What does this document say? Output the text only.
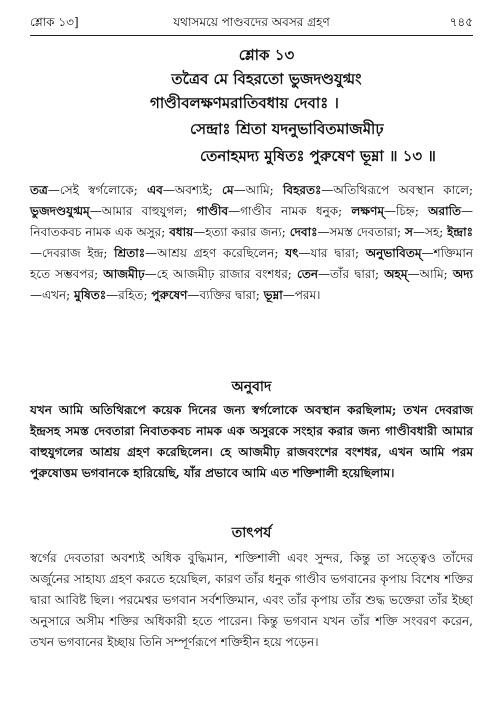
শ্লোক ১৩]	যথাসময়ে পাণ্ডবদের অবসর গ্রহণ	৭৪৫
শ্লোক ১৩
তত্রৈব মে বিহরতো ভুজদণ্ডযুগ্মং
গাণ্ডীবলক্ষণমরাতিবধায় দেবাঃ ।
সেন্দ্রাঃ শ্রিতা যদনুভাবিতমাজমীঢ়
তেনাহমদ্য মুষিতঃ পুরুষেণ ভূম্না ॥ ১৩ ॥

তত্র—সেই স্বর্গলোকে; এব—অবশ্যই; মে—আমি; বিহরতঃ—অতিথিরূপে অবস্থান কালে; ভুজদণ্ডযুগ্মম্—আমার বাহুযুগল; গাণ্ডীব—গাণ্ডীব নামক ধনুক; লক্ষণম্—চিহ্ন; অরাতি—নিবাতকবচ নামক এক অসুর; বধায়—হত্যা করার জন্য; দেবাঃ—সমস্ত দেবতারা; স—সহ; ইন্দ্রাঃ—দেবরাজ ইন্দ্র; শ্রিতাঃ—আশ্রয় গ্রহণ করেছিলেন; যৎ—যার দ্বারা; অনুভাবিতম্—শক্তিমান হতে সম্ভবপর; আজমীঢ়—হে আজমীঢ় রাজার বংশধর; তেন—তাঁর দ্বারা; অহম্—আমি; অদ্য—এখন; মুষিতঃ—রহিত; পুরুষেণ—ব্যক্তির দ্বারা; ভূম্না—পরম।

অনুবাদ

যখন আমি অতিথিরূপে কয়েক দিনের জন্য স্বর্গলোকে অবস্থান করছিলাম; তখন দেবরাজ ইন্দ্রসহ সমস্ত দেবতারা নিবাতকবচ নামক এক অসুরকে সংহার করার জন্য গাণ্ডীবধারী আমার বাহুযুগলের আশ্রয় গ্রহণ করেছিলেন। হে আজমীঢ় রাজবংশের বংশধর, এখন আমি পরম পুরুষোত্তম ভগবানকে হারিয়েছি, যাঁর প্রভাবে আমি এত শক্তিশালী হয়েছিলাম।

তাৎপর্য

স্বর্গের দেবতারা অবশ্যই অধিক বুদ্ধিমান, শক্তিশালী এবং সুন্দর, কিন্তু তা সত্ত্বেও তাঁদের অর্জুনের সাহায্য গ্রহণ করতে হয়েছিল, কারণ তাঁর ধনুক গাণ্ডীব ভগবানের কৃপায় বিশেষ শক্তির দ্বারা আবিষ্ট ছিল। পরমেশ্বর ভগবান সর্বশক্তিমান, এবং তাঁর কৃপায় তাঁর শুদ্ধ ভক্তেরা তাঁর ইচ্ছা অনুসারে অসীম শক্তির অধিকারী হতে পারেন। কিন্তু ভগবান যখন তাঁর শক্তি সংবরণ করেন, তখন ভগবানের ইচ্ছায় তিনি সম্পূর্ণরূপে শক্তিহীন হয়ে পড়েন।
